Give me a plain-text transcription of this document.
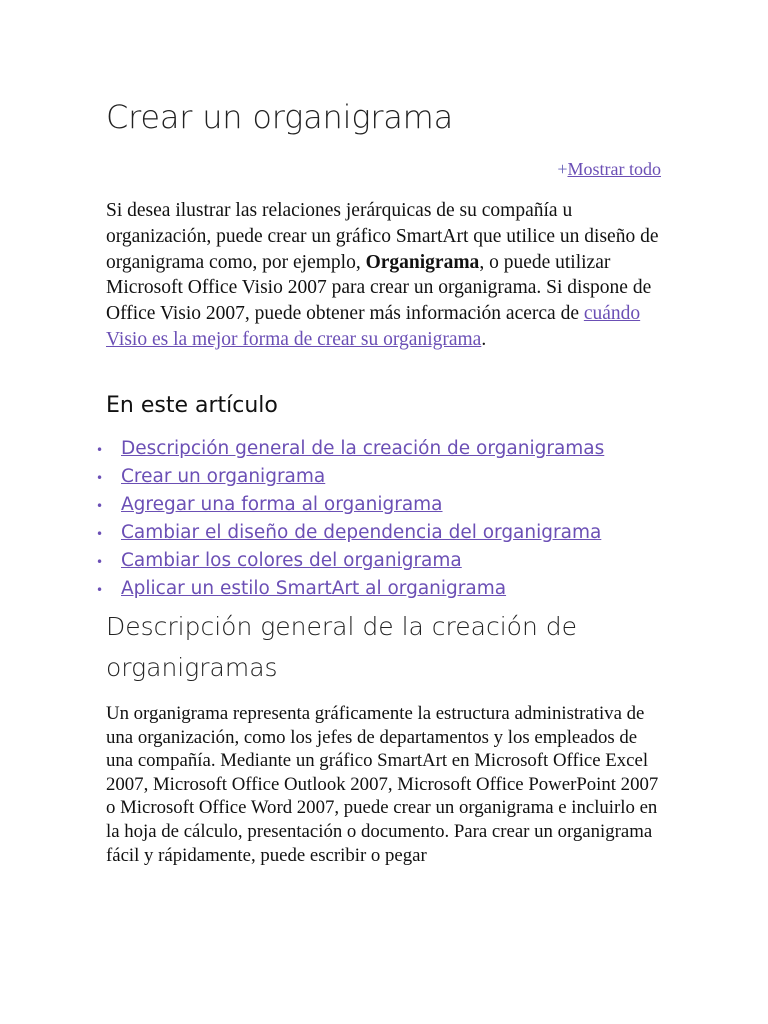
Crear un organigrama
+Mostrar todo

Si desea ilustrar las relaciones jerárquicas de su compañía u organización, puede crear un gráfico SmartArt que utilice un diseño de organigrama como, por ejemplo, Organigrama, o puede utilizar Microsoft Office Visio 2007 para crear un organigrama. Si dispone de Office Visio 2007, puede obtener más información acerca de cuándo Visio es la mejor forma de crear su organigrama.

En este artículo
• Descripción general de la creación de organigramas
• Crear un organigrama
• Agregar una forma al organigrama
• Cambiar el diseño de dependencia del organigrama
• Cambiar los colores del organigrama
• Aplicar un estilo SmartArt al organigrama
Descripción general de la creación de organigramas

Un organigrama representa gráficamente la estructura administrativa de una organización, como los jefes de departamentos y los empleados de una compañía. Mediante un gráfico SmartArt en Microsoft Office Excel 2007, Microsoft Office Outlook 2007, Microsoft Office PowerPoint 2007 o Microsoft Office Word 2007, puede crear un organigrama e incluirlo en la hoja de cálculo, presentación o documento. Para crear un organigrama fácil y rápidamente, puede escribir o pegar
